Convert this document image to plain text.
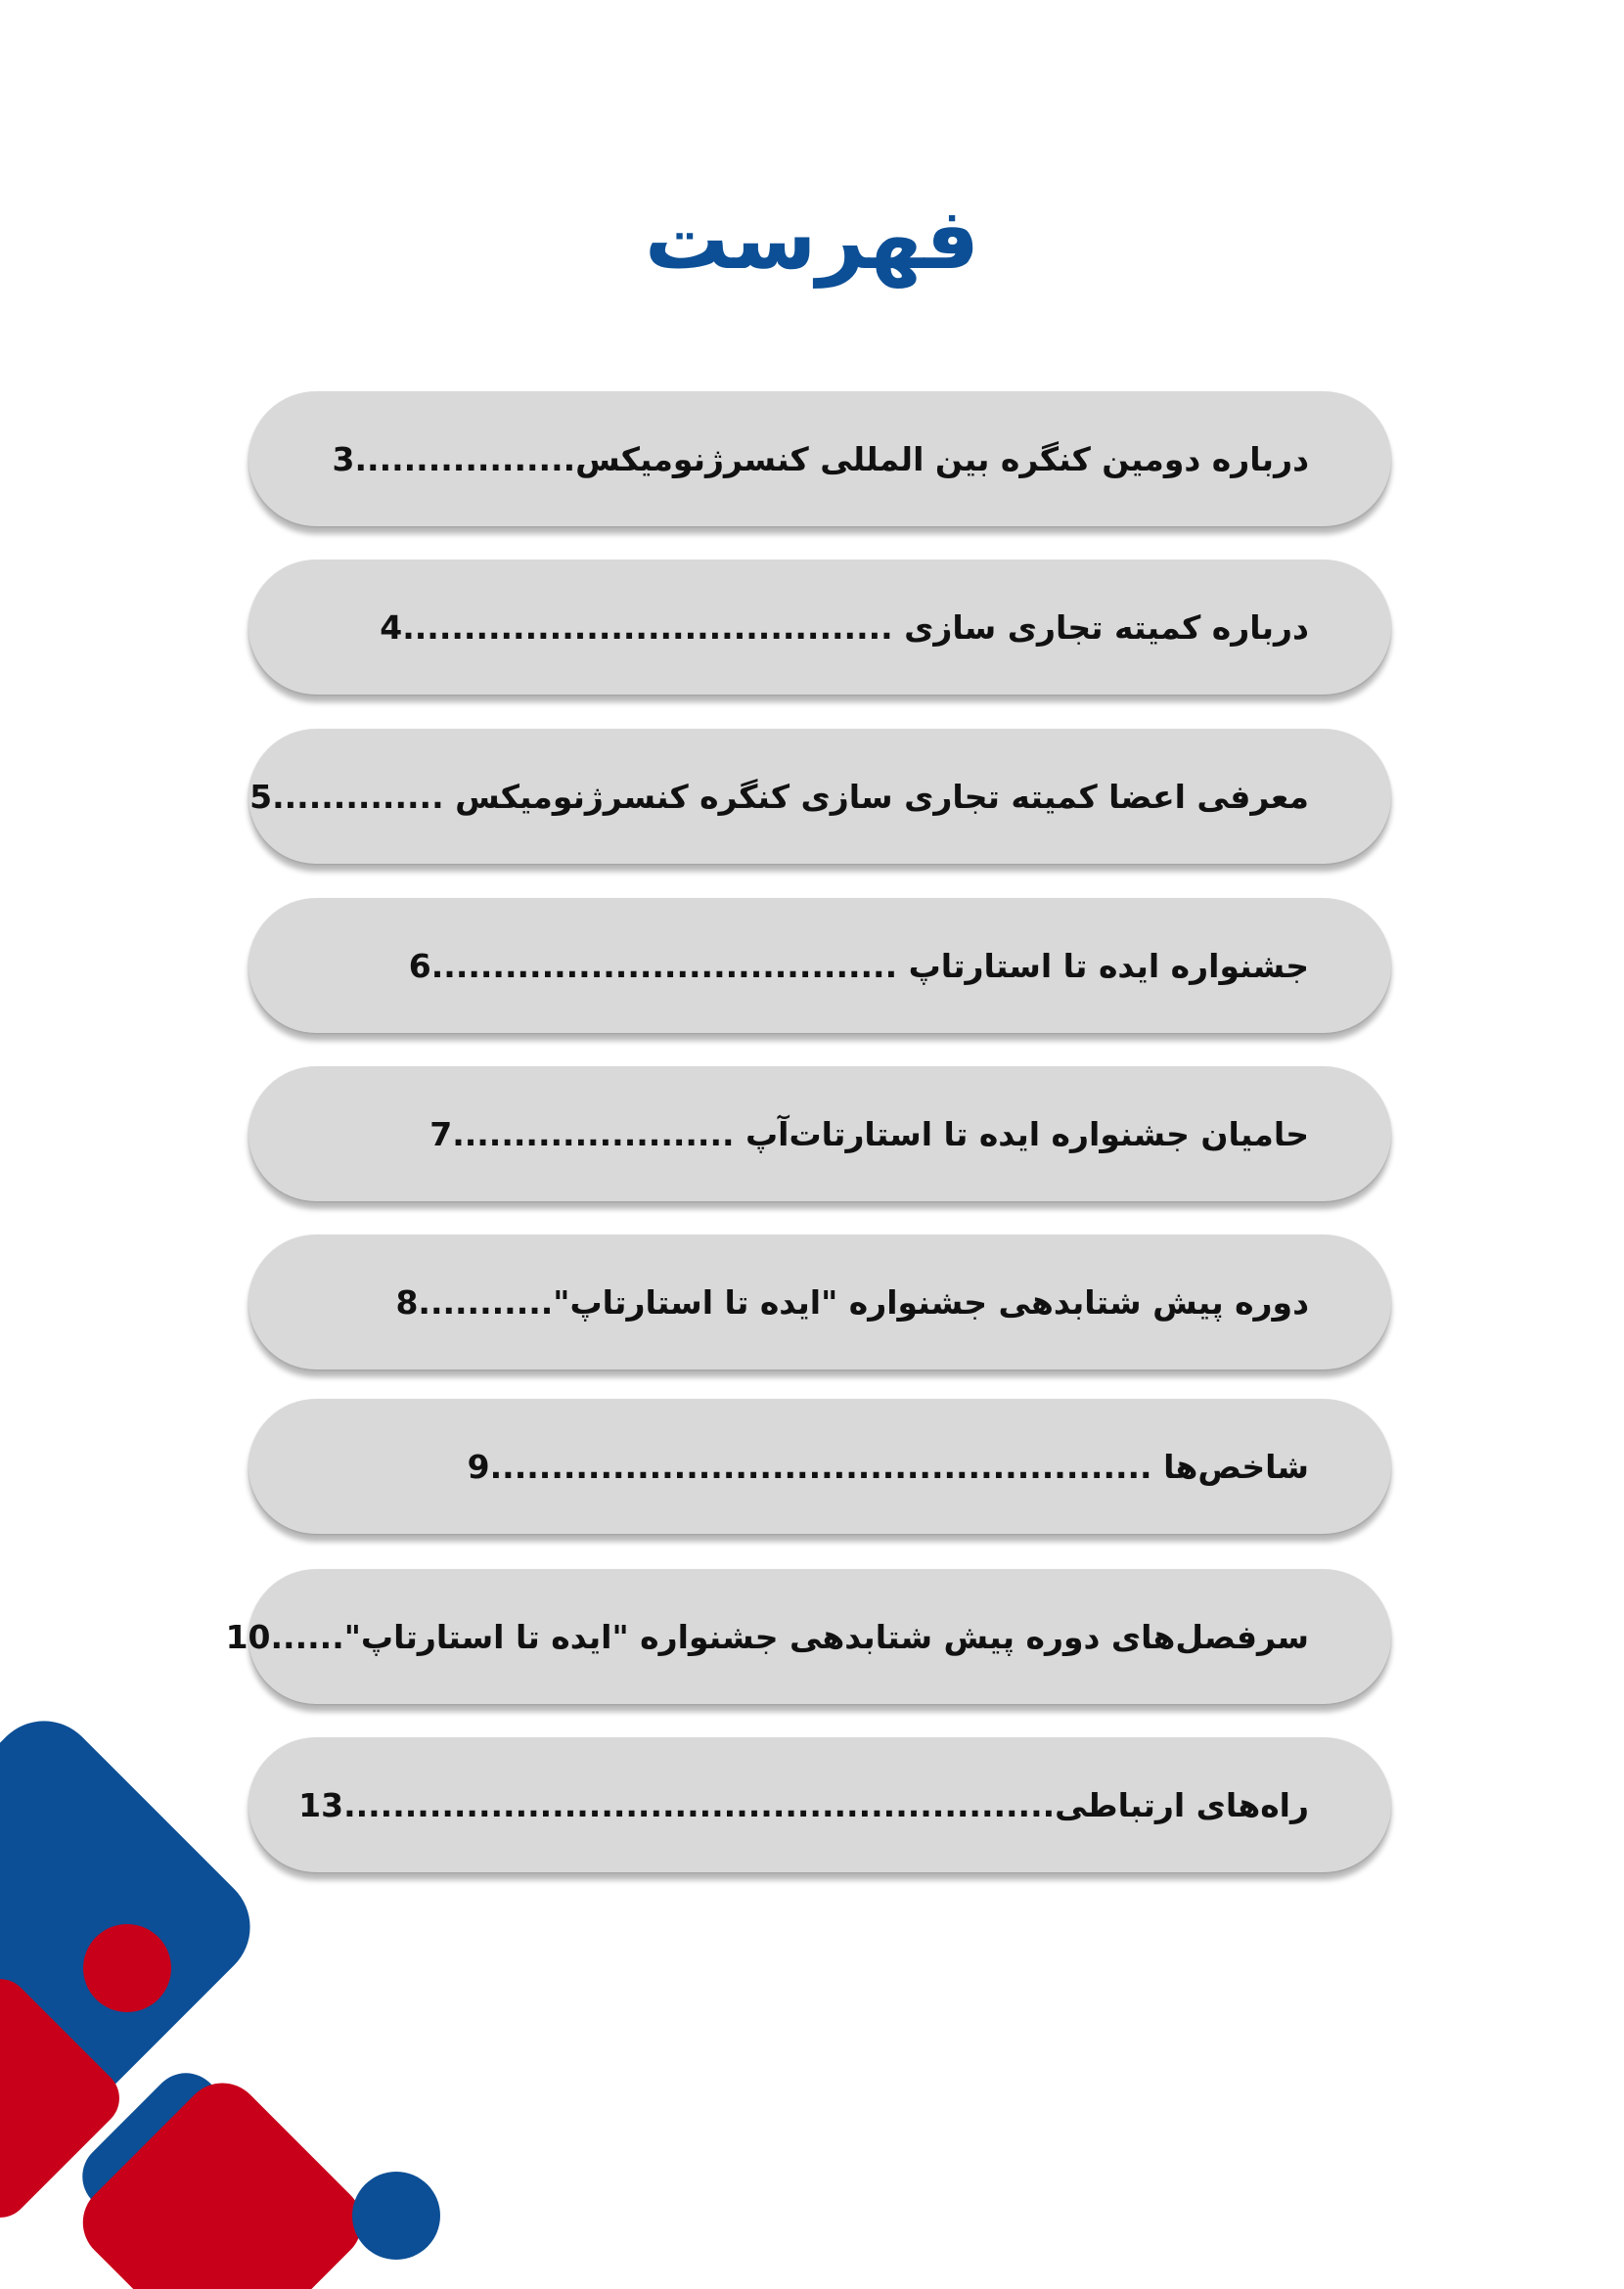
فهرست
درباره دومین کنگره بین المللی کنسرژنومیکس..................3
درباره کمیته تجاری سازی ........................................4
معرفی اعضا کمیته تجاری سازی کنگره کنسرژنومیکس ..............5
جشنواره ایده تا استارتاپ ......................................6
حامیان جشنواره ایده تا استارتات‌آپ .......................7
دوره پیش شتابدهی جشنواره "ایده تا استارتاپ"...........8
شاخص‌ها ......................................................9
سرفصل‌های دوره پیش شتابدهی جشنواره "ایده تا استارتاپ"......10
راه‌های ارتباطی..........................................................13
